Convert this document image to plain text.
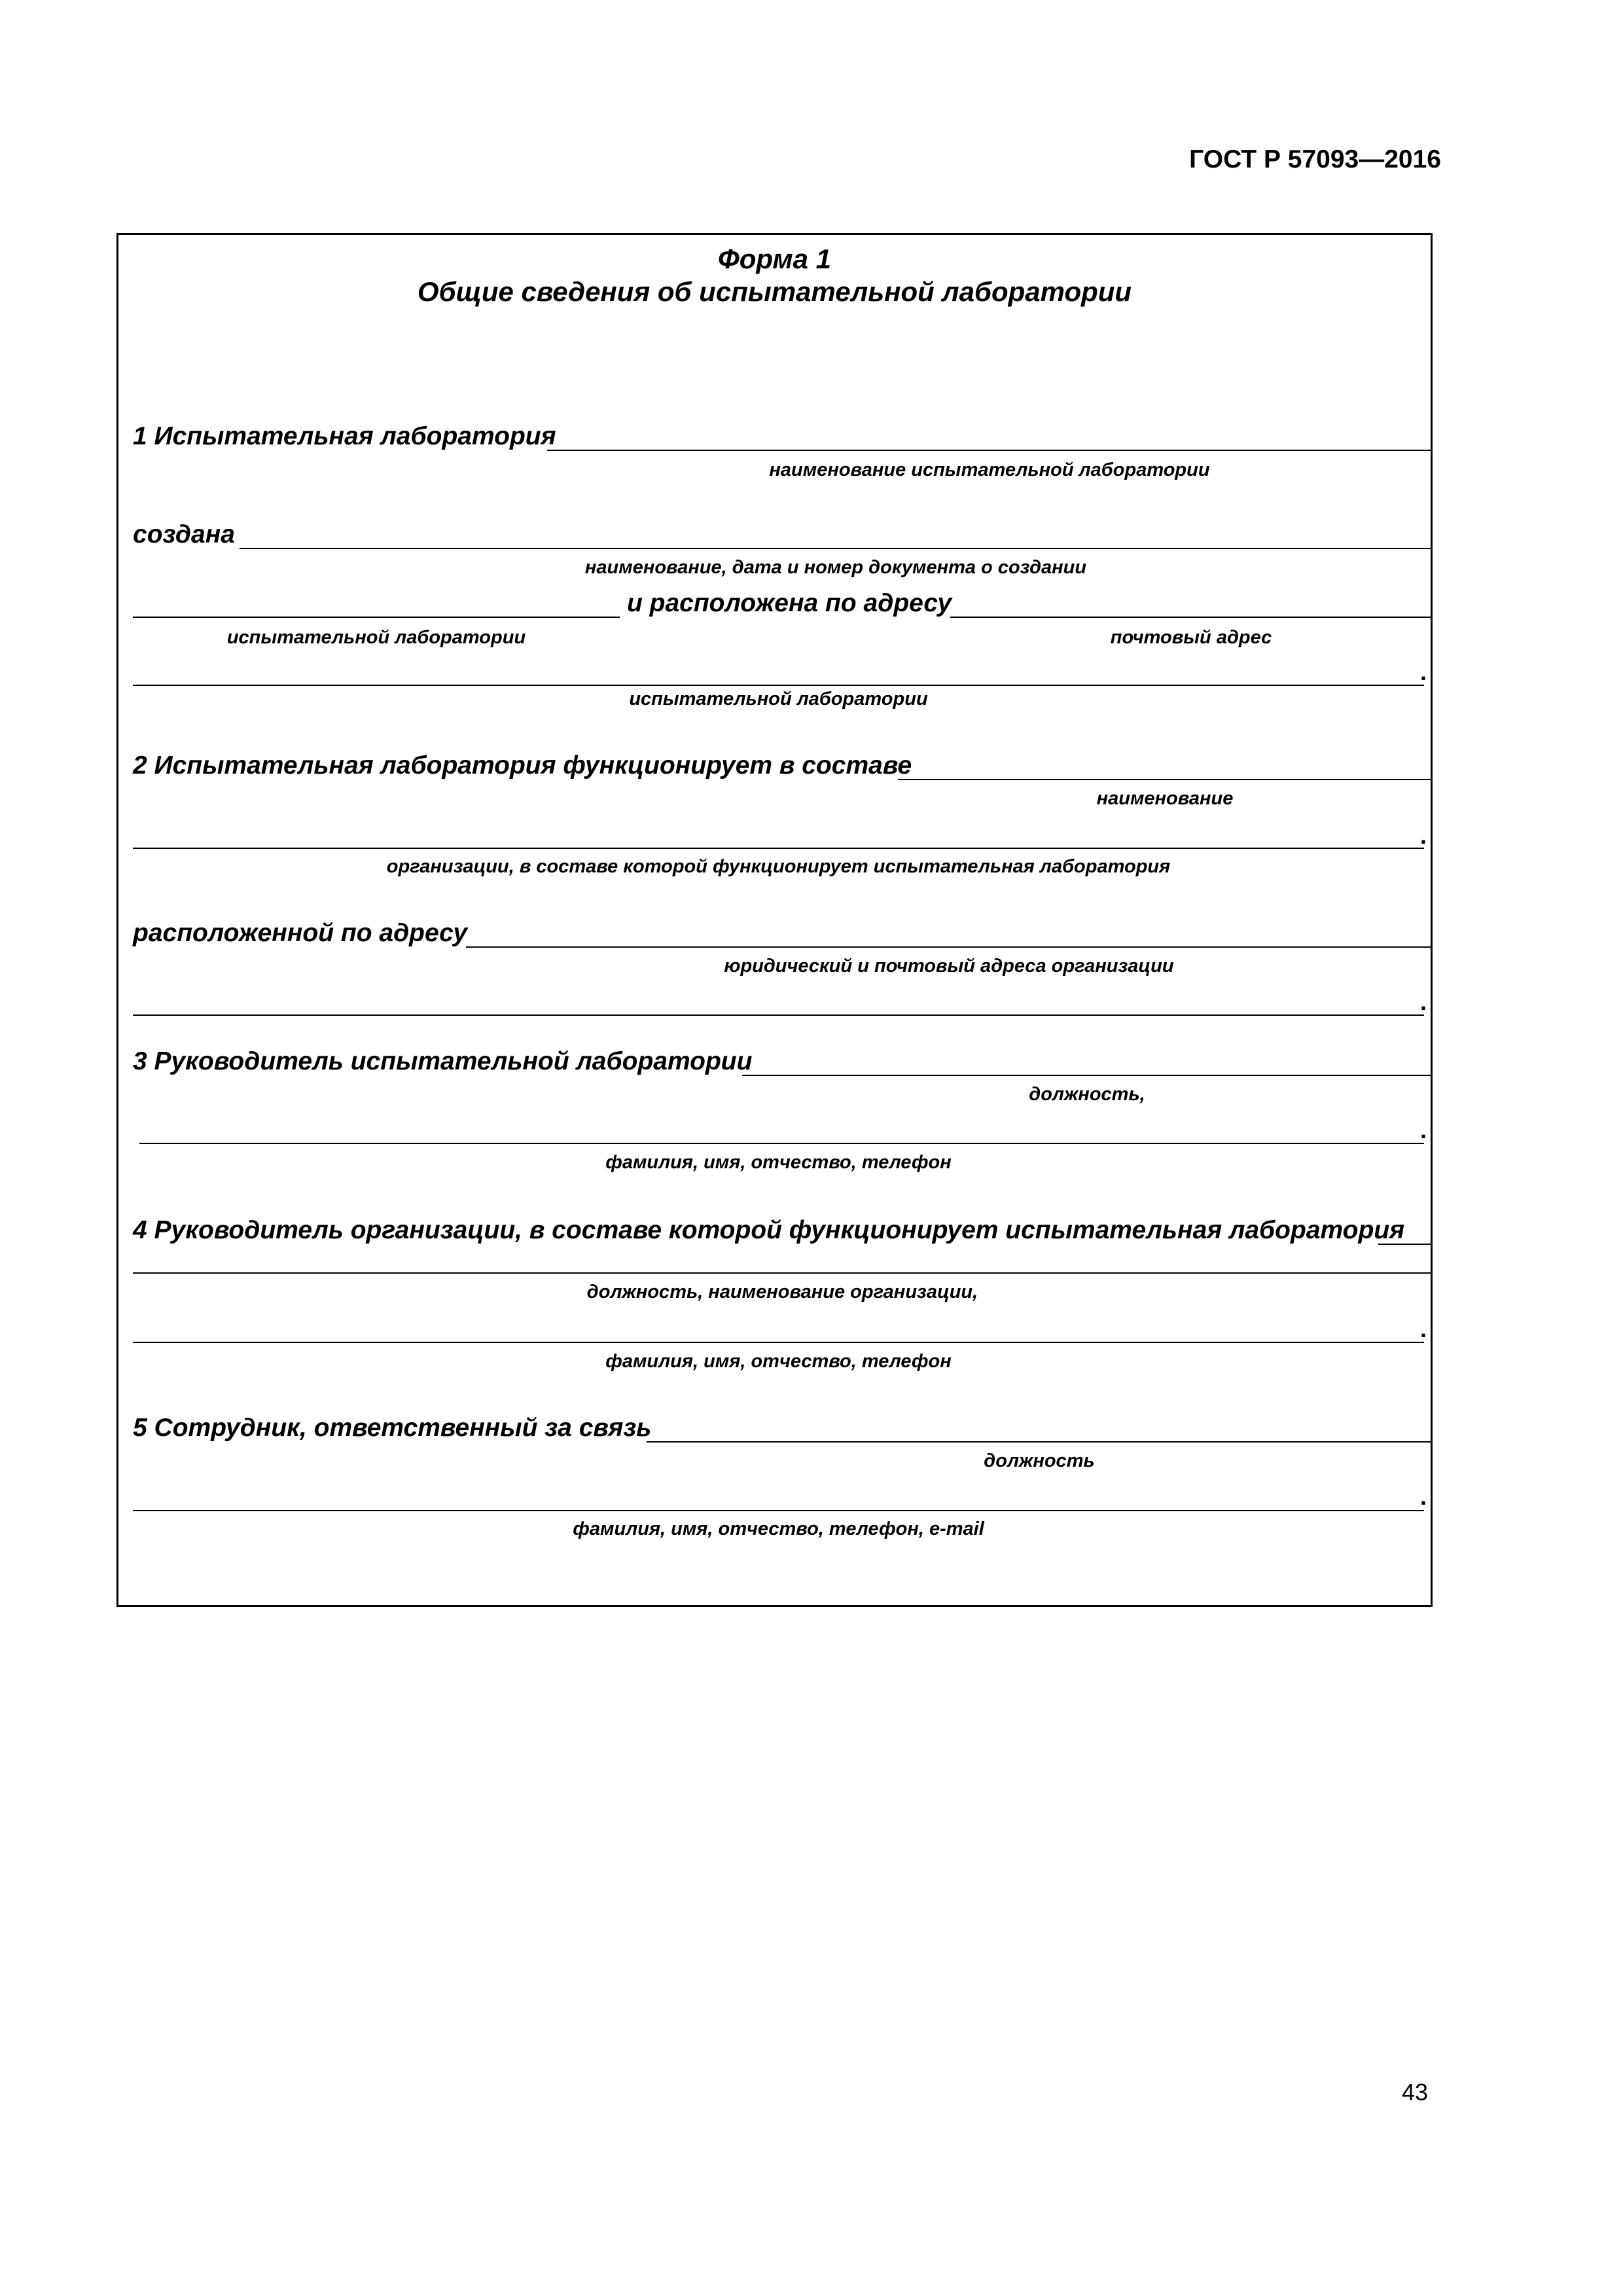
ГОСТ Р 57093—2016
Форма 1
Общие сведения об испытательной лаборатории
1 Испытательная лаборатория
наименование испытательной лаборатории
создана
наименование, дата и номер документа о создании
и расположена по адресу
испытательной лаборатории	почтовый адрес
.
испытательной лаборатории
2 Испытательная лаборатория функционирует в составе
наименование
.
организации, в составе которой функционирует испытательная лаборатория
расположенной по адресу
юридический и почтовый адреса организации
.
3 Руководитель испытательной лаборатории
должность,
.
фамилия, имя, отчество, телефон
4 Руководитель организации, в составе которой функционирует испытательная лаборатория
должность, наименование организации,
.
фамилия, имя, отчество, телефон
5 Сотрудник, ответственный за связь
должность
.
фамилия, имя, отчество, телефон, e-mail
43
